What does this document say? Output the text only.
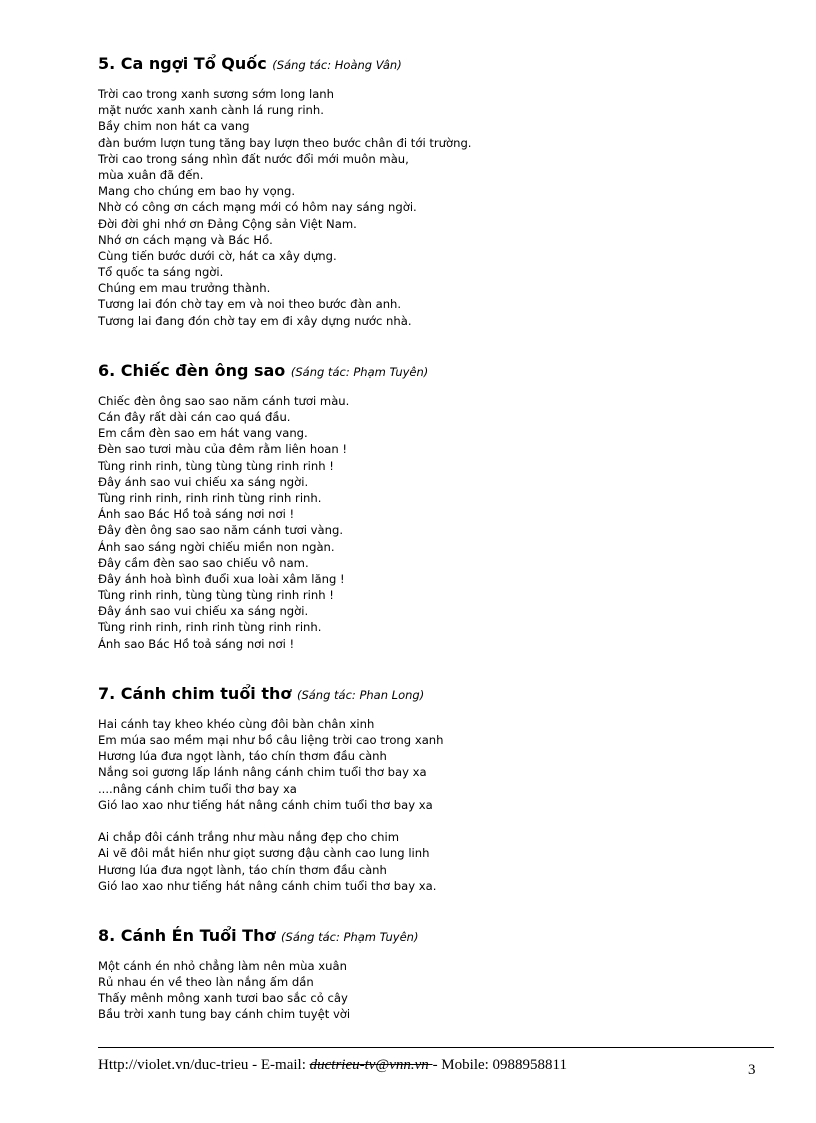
5. Ca ngợi Tổ Quốc (Sáng tác: Hoàng Vân)
Trời cao trong xanh sương sớm long lanh
mặt nước xanh xanh cành lá rung rinh.
Bầy chim non hát ca vang
đàn bướm lượn tung tăng bay lượn theo bước chân đi tới trường.
Trời cao trong sáng nhìn đất nước đổi mới muôn màu,
mùa xuân đã đến.
Mang cho chúng em bao hy vọng.
Nhờ có công ơn cách mạng mới có hôm nay sáng ngời.
Đời đời ghi nhớ ơn Đảng Cộng sản Việt Nam.
Nhớ ơn cách mạng và Bác Hồ.
Cùng tiến bước dưới cờ, hát ca xây dựng.
Tổ quốc ta sáng ngời.
Chúng em mau trưởng thành.
Tương lai đón chờ tay em và noi theo bước đàn anh.
Tương lai đang đón chờ tay em đi xây dựng nước nhà.
6. Chiếc đèn ông sao (Sáng tác: Phạm Tuyên)
Chiếc đèn ông sao sao năm cánh tươi màu.
Cán đây rất dài cán cao quá đầu.
Em cầm đèn sao em hát vang vang.
Đèn sao tươi màu của đêm rằm liên hoan !
Tùng rinh rinh, tùng tùng tùng rinh rinh !
Đây ánh sao vui chiếu xa sáng ngời.
Tùng rinh rinh, rinh rinh tùng rinh rinh.
Ánh sao Bác Hồ toả sáng nơi nơi !
Đây đèn ông sao sao năm cánh tươi vàng.
Ánh sao sáng ngời chiếu miền non ngàn.
Đây cầm đèn sao sao chiếu vô nam.
Đây ánh hoà bình đuổi xua loài xâm lăng !
Tùng rinh rinh, tùng tùng tùng rinh rinh !
Đây ánh sao vui chiếu xa sáng ngời.
Tùng rinh rinh, rinh rinh tùng rinh rinh.
Ánh sao Bác Hồ toả sáng nơi nơi !
7. Cánh chim tuổi thơ (Sáng tác: Phan Long)
Hai cánh tay kheo khéo cùng đôi bàn chân xinh
Em múa sao mềm mại như bồ câu liệng trời cao trong xanh
Hương lúa đưa ngọt lành, táo chín thơm đầu cành
Nắng soi gương lấp lánh nâng cánh chim tuổi thơ bay xa
....nâng cánh chim tuổi thơ bay xa
Gió lao xao như tiếng hát nâng cánh chim tuổi thơ bay xa
Ai chắp đôi cánh trắng như màu nắng đẹp cho chim
Ai vẽ đôi mắt hiền như giọt sương đậu cành cao lung linh
Hương lúa đưa ngọt lành, táo chín thơm đầu cành
Gió lao xao như tiếng hát nâng cánh chim tuổi thơ bay xa.
8. Cánh Én Tuổi Thơ (Sáng tác: Phạm Tuyên)
Một cánh én nhỏ chẳng làm nên mùa xuân
Rủ nhau én về theo làn nắng ấm dần
Thấy mênh mông xanh tươi bao sắc cỏ cây
Bầu trời xanh tung bay cánh chim tuyệt vời
Http://violet.vn/duc-trieu - E-mail: ductrieu-tv@vnn.vn - Mobile: 0988958811	3
